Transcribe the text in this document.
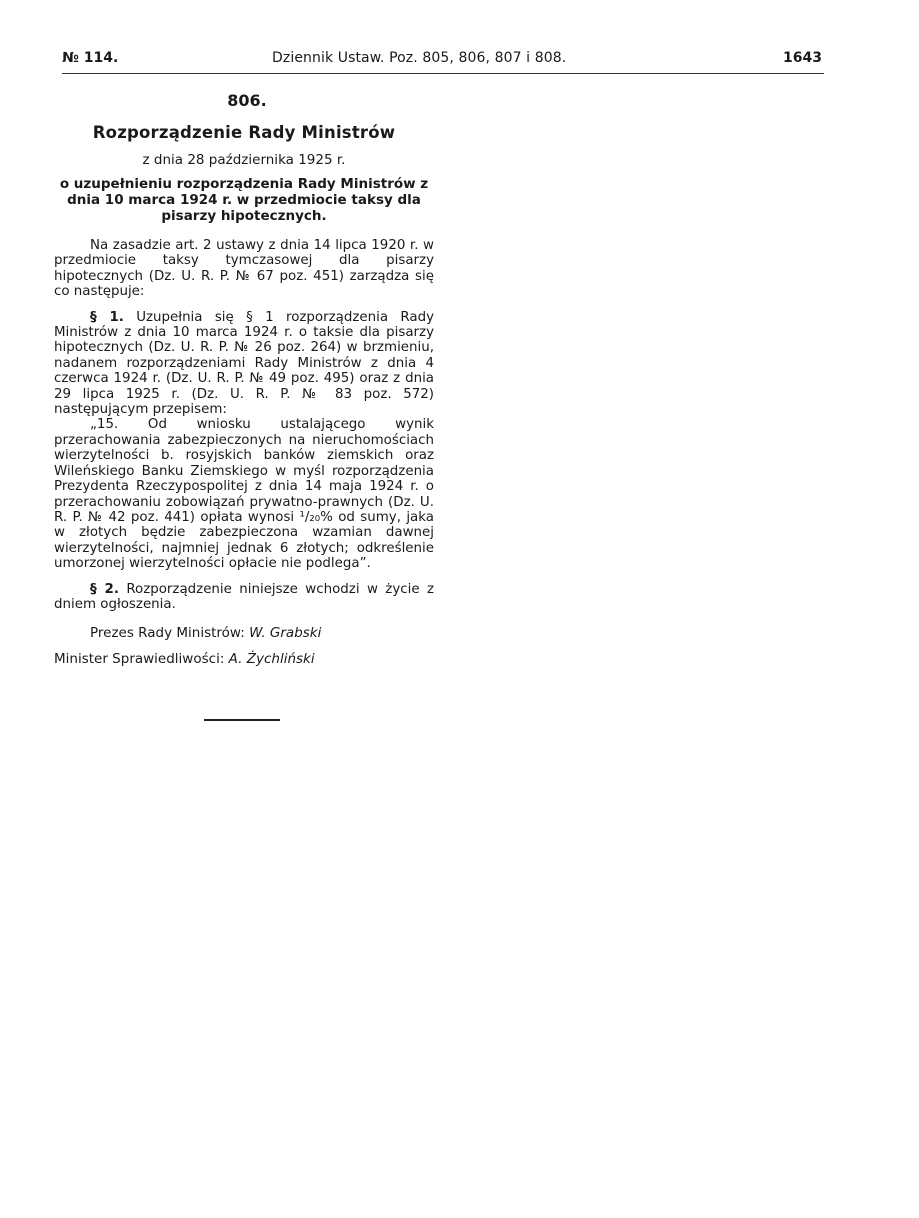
№ 114.	Dziennik Ustaw. Poz. 805, 806, 807 i 808.	1643
806.
Rozporządzenie Rady Ministrów
z dnia 28 października 1925 r.
o uzupełnieniu rozporządzenia Rady Ministrów z dnia 10 marca 1924 r. w przedmiocie taksy dla pisarzy hipotecznych.

Na zasadzie art. 2 ustawy z dnia 14 lipca 1920 r. w przedmiocie taksy tymczasowej dla pisarzy hipotecznych (Dz. U. R. P. № 67 poz. 451) zarządza się co następuje:

§ 1. Uzupełnia się § 1 rozporządzenia Rady Ministrów z dnia 10 marca 1924 r. o taksie dla pisarzy hipotecznych (Dz. U. R. P. № 26 poz. 264) w brzmieniu, nadanem rozporządzeniami Rady Ministrów z dnia 4 czerwca 1924 r. (Dz. U. R. P. № 49 poz. 495) oraz z dnia 29 lipca 1925 r. (Dz. U. R. P. № 83 poz. 572) następującym przepisem:

„15. Od wniosku ustalającego wynik przerachowania zabezpieczonych na nieruchomościach wierzytelności b. rosyjskich banków ziemskich oraz Wileńskiego Banku Ziemskiego w myśl rozporządzenia Prezydenta Rzeczypospolitej z dnia 14 maja 1924 r. o przerachowaniu zobowiązań prywatno-prawnych (Dz. U. R. P. № 42 poz. 441) opłata wynosi ¹/₂₀% od sumy, jaka w złotych będzie zabezpieczona wzamian dawnej wierzytelności, najmniej jednak 6 złotych; odkreślenie umorzonej wierzytelności opłacie nie podlega”.

§ 2. Rozporządzenie niniejsze wchodzi w życie z dniem ogłoszenia.

Prezes Rady Ministrów: W. Grabski

Minister Sprawiedliwości: A. Żychliński
